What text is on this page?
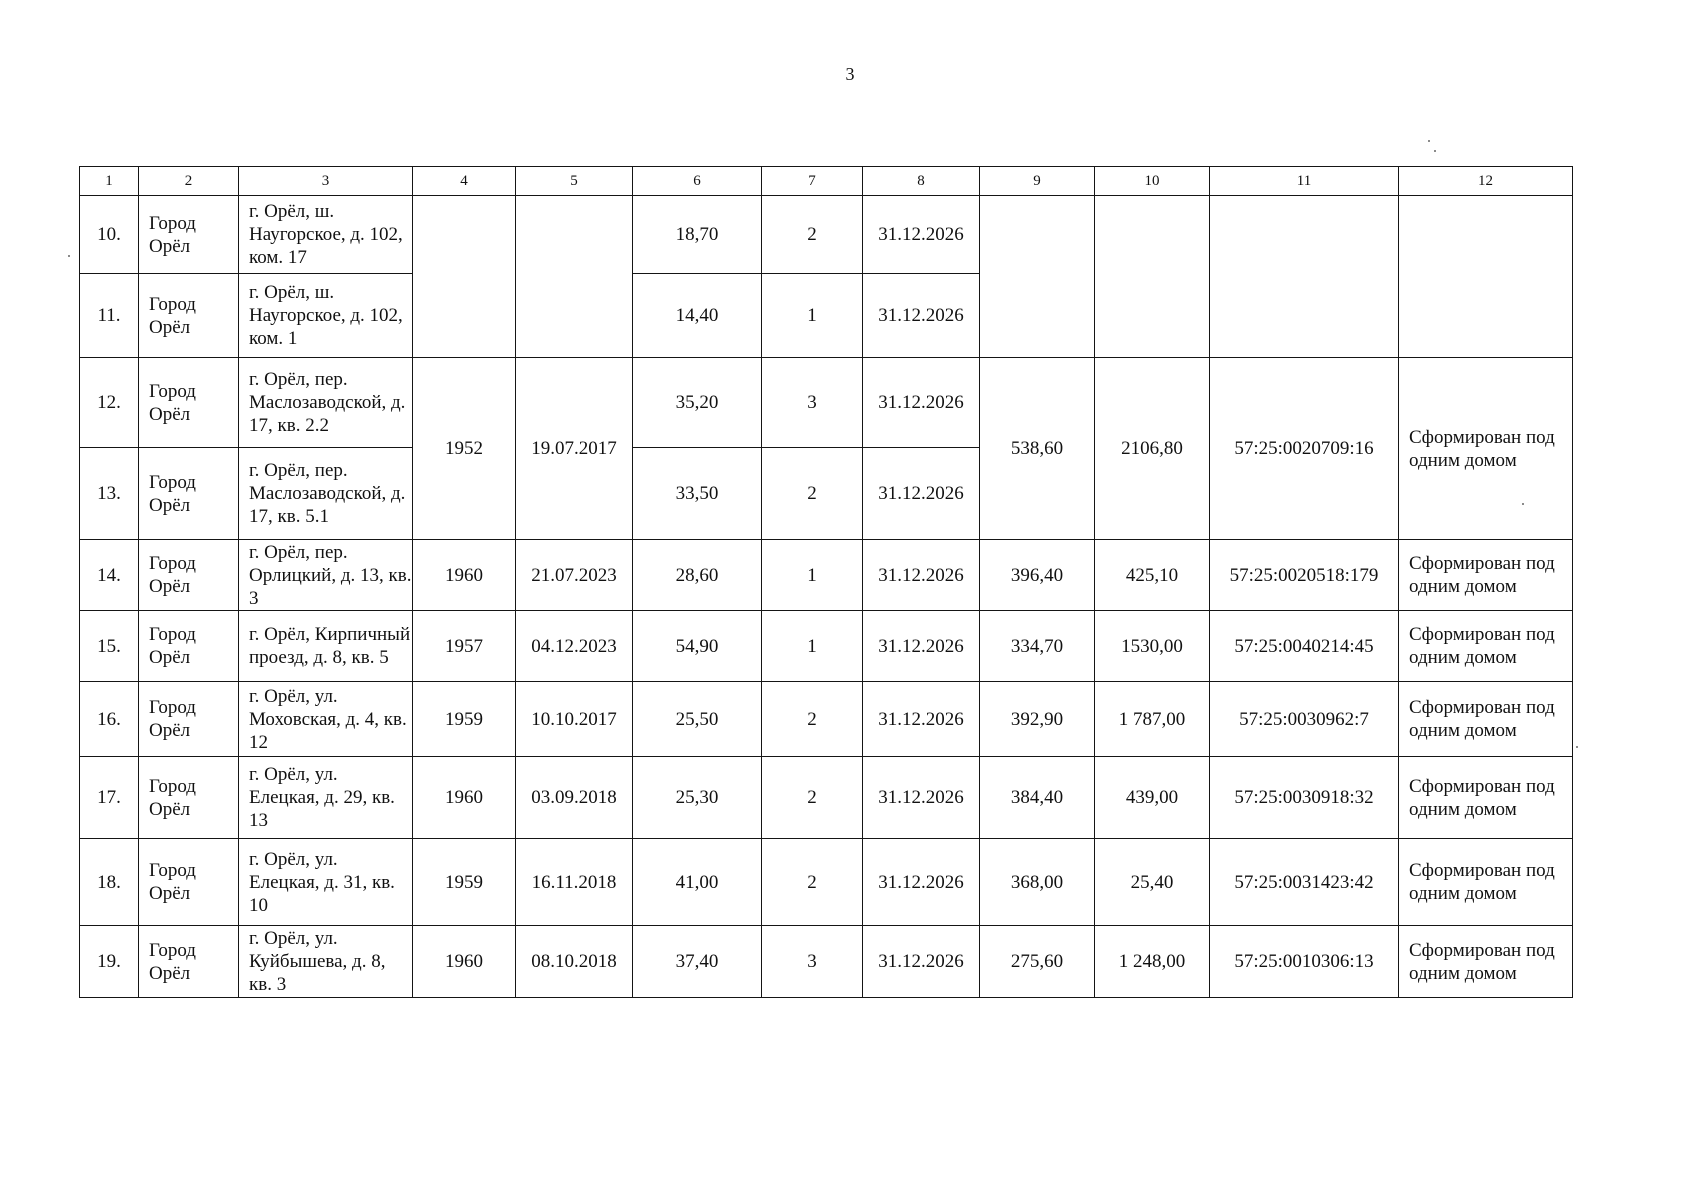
3
1	2	3	4	5	6	7	8	9	10	11	12
10.	Город Орёл	г. Орёл, ш. Наугорское, д. 102, ком. 17			18,70	2	31.12.2026				
11.	Город Орёл	г. Орёл, ш. Наугорское, д. 102, ком. 1			14,40	1	31.12.2026				
12.	Город Орёл	г. Орёл, пер. Маслозаводской, д. 17, кв. 2.2	1952	19.07.2017	35,20	3	31.12.2026	538,60	2106,80	57:25:0020709:16	Сформирован под одним домом
13.	Город Орёл	г. Орёл, пер. Маслозаводской, д. 17, кв. 5.1			33,50	2	31.12.2026				
14.	Город Орёл	г. Орёл, пер. Орлицкий, д. 13, кв. 3	1960	21.07.2023	28,60	1	31.12.2026	396,40	425,10	57:25:0020518:179	Сформирован под одним домом
15.	Город Орёл	г. Орёл, Кирпичный проезд, д. 8, кв. 5	1957	04.12.2023	54,90	1	31.12.2026	334,70	1530,00	57:25:0040214:45	Сформирован под одним домом
16.	Город Орёл	г. Орёл, ул. Моховская, д. 4, кв. 12	1959	10.10.2017	25,50	2	31.12.2026	392,90	1 787,00	57:25:0030962:7	Сформирован под одним домом
17.	Город Орёл	г. Орёл, ул. Елецкая, д. 29, кв. 13	1960	03.09.2018	25,30	2	31.12.2026	384,40	439,00	57:25:0030918:32	Сформирован под одним домом
18.	Город Орёл	г. Орёл, ул. Елецкая, д. 31, кв. 10	1959	16.11.2018	41,00	2	31.12.2026	368,00	25,40	57:25:0031423:42	Сформирован под одним домом
19.	Город Орёл	г. Орёл, ул. Куйбышева, д. 8, кв. 3	1960	08.10.2018	37,40	3	31.12.2026	275,60	1 248,00	57:25:0010306:13	Сформирован под одним домом
